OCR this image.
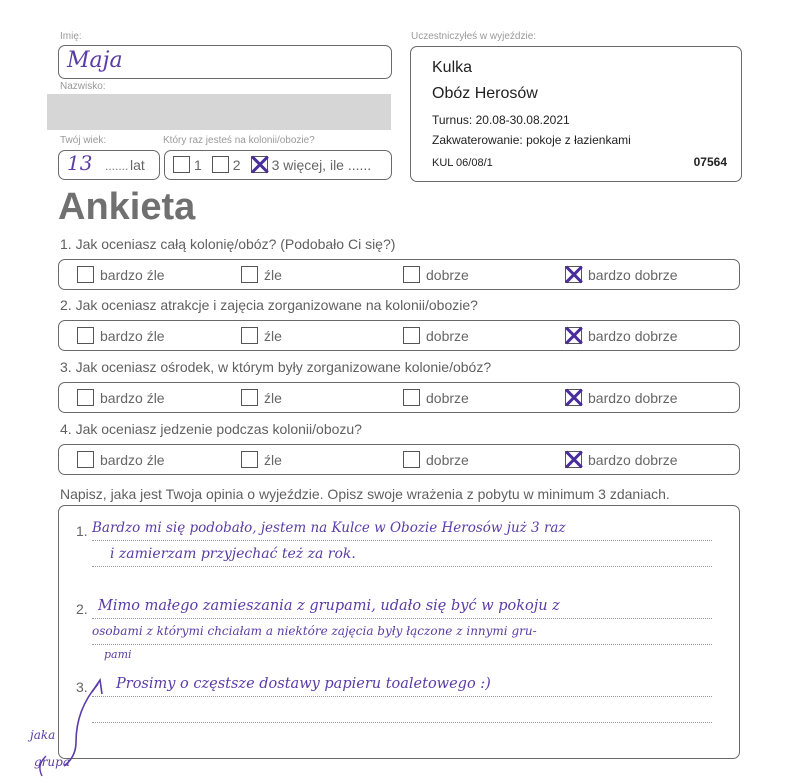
Imię:
Maja
Nazwisko:
Twój wiek:
13 ....... lat
Który raz jesteś na kolonii/obozie?
1 2 3 więcej, ile ......
Uczestniczyłeś w wyjeździe:
Kulka
Obóz Herosów
Turnus: 20.08-30.08.2021
Zakwaterowanie: pokoje z łazienkami
KUL 06/08/1	07564
Ankieta
1. Jak oceniasz całą kolonię/obóz? (Podobało Ci się?)
bardzo źle	źle	dobrze	bardzo dobrze
2. Jak oceniasz atrakcje i zajęcia zorganizowane na kolonii/obozie?
bardzo źle	źle	dobrze	bardzo dobrze
3. Jak oceniasz ośrodek, w którym były zorganizowane kolonie/obóz?
bardzo źle	źle	dobrze	bardzo dobrze
4. Jak oceniasz jedzenie podczas kolonii/obozu?
bardzo źle	źle	dobrze	bardzo dobrze
Napisz, jaka jest Twoja opinia o wyjeździe. Opisz swoje wrażenia z pobytu w minimum 3 zdaniach.
1.
2.
3.
Bardzo mi się podobało, jestem na Kulce w Obozie Herosów już 3 raz
i zamierzam przyjechać też za rok.
Mimo małego zamieszania z grupami, udało się być w pokoju z
osobami z którymi chciałam a niektóre zajęcia były łączone z innymi gru-
pami
Prosimy o częstsze dostawy papieru toaletowego :)
jaka
grupa
